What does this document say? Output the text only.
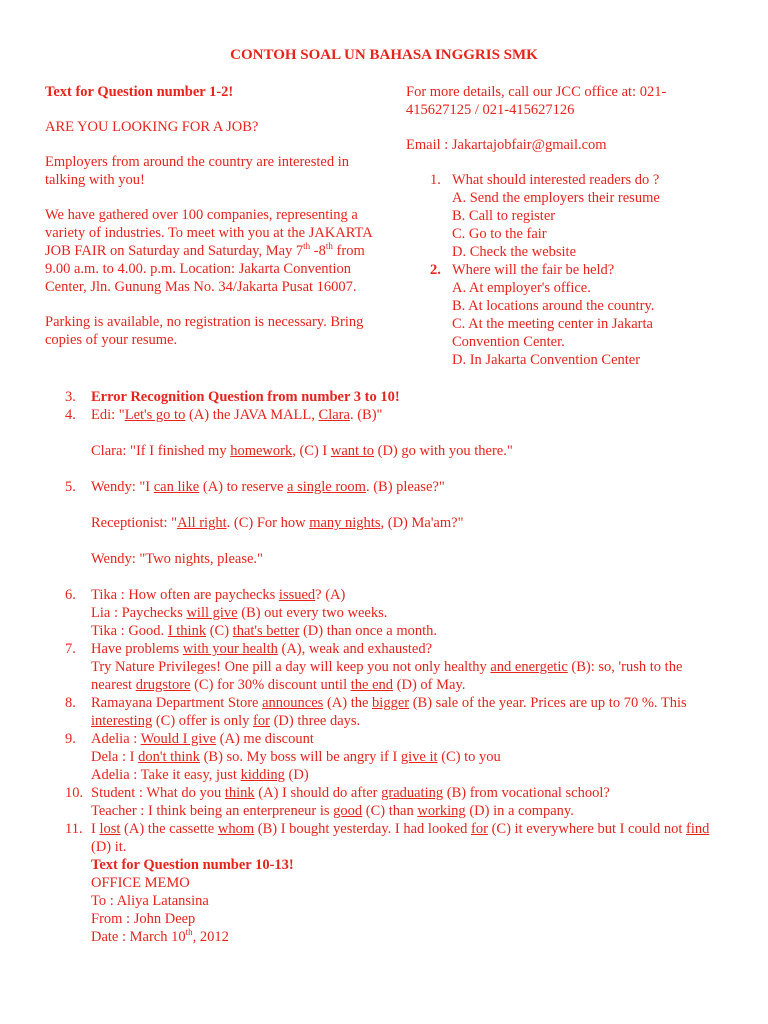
CONTOH SOAL UN BAHASA INGGRIS SMK

Text for Question number 1-2!

ARE YOU LOOKING FOR A JOB?

Employers from around the country are interested in talking with you!

We have gathered over 100 companies, representing a variety of industries. To meet with you at the JAKARTA JOB FAIR on Saturday and Saturday, May 7th -8th from 9.00 a.m. to 4.00. p.m. Location: Jakarta Convention Center, Jln. Gunung Mas No. 34/Jakarta Pusat 16007.

Parking is available, no registration is necessary. Bring copies of your resume.

For more details, call our JCC office at: 021-415627125 / 021-415627126

Email : Jakartajobfair@gmail.com

1. What should interested readers do ?
A. Send the employers their resume
B. Call to register
C. Go to the fair
D. Check the website
2. Where will the fair be held?
A. At employer's office.
B. At locations around the country.
C. At the meeting center in Jakarta Convention Center.
D. In Jakarta Convention Center
3. Error Recognition Question from number 3 to 10!
4. Edi: "Let's go to (A) the JAVA MALL, Clara. (B)"
Clara: "If I finished my homework, (C) I want to (D) go with you there."
5. Wendy: "I can like (A) to reserve a single room. (B) please?"
Receptionist: "All right. (C) For how many nights, (D) Ma'am?"
Wendy: "Two nights, please."
6. Tika : How often are paychecks issued? (A)
Lia : Paychecks will give (B) out every two weeks.
Tika : Good. I think (C) that's better (D) than once a month.
7. Have problems with your health (A), weak and exhausted?
Try Nature Privileges! One pill a day will keep you not only healthy and energetic (B): so, 'rush to the nearest drugstore (C) for 30% discount until the end (D) of May.
8. Ramayana Department Store announces (A) the bigger (B) sale of the year. Prices are up to 70 %. This interesting (C) offer is only for (D) three days.
9. Adelia : Would I give (A) me discount
Dela : I don't think (B) so. My boss will be angry if I give it (C) to you
Adelia : Take it easy, just kidding (D)
10. Student : What do you think (A) I should do after graduating (B) from vocational school?
Teacher : I think being an enterpreneur is good (C) than working (D) in a company.
11. I lost (A) the cassette whom (B) I bought yesterday. I had looked for (C) it everywhere but I could not find (D) it.
Text for Question number 10-13!
OFFICE MEMO
To : Aliya Latansina
From : John Deep
Date : March 10th, 2012
